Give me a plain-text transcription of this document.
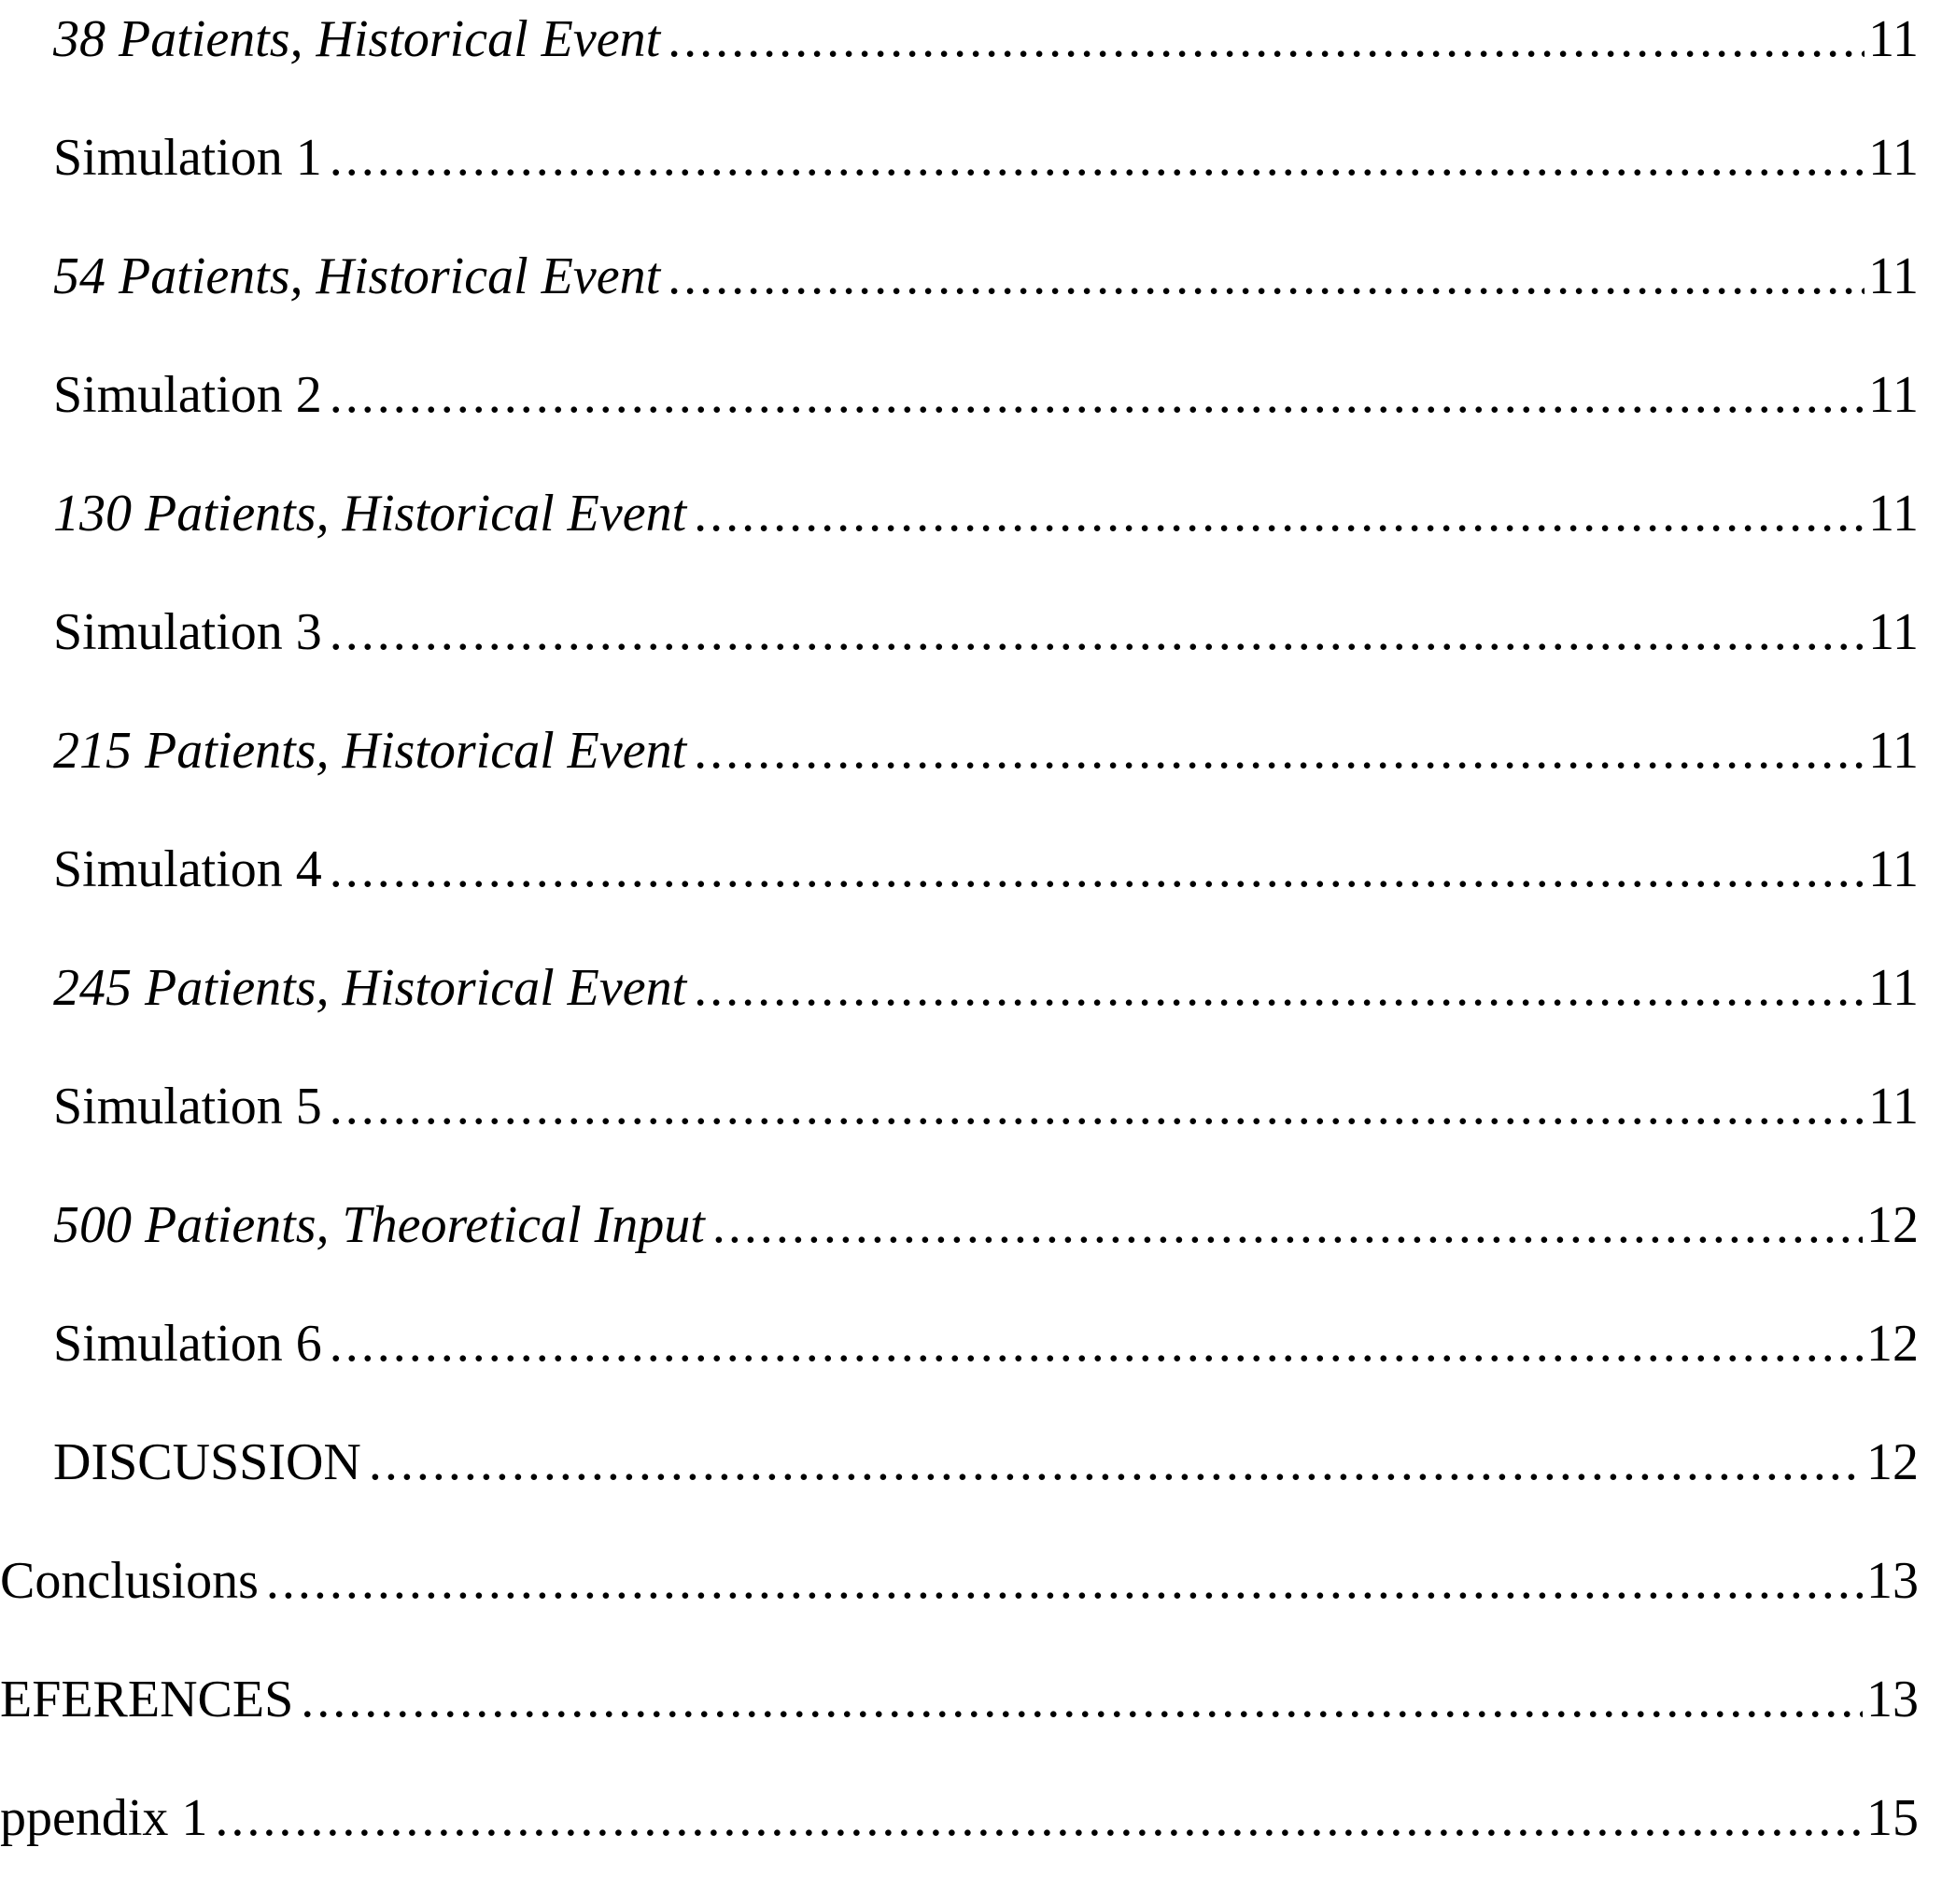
38 Patients, Historical Event .....	11
Simulation 1 .....	11
54 Patients, Historical Event .....	11
Simulation 2 .....	11
130 Patients, Historical Event .....	11
Simulation 3 .....	11
215 Patients, Historical Event .....	11
Simulation 4 .....	11
245 Patients, Historical Event .....	11
Simulation 5 .....	11
500 Patients, Theoretical Input .....	12
Simulation 6 .....	12
DISCUSSION .....	12
Conclusions .....	13
EFERENCES .....	13
ppendix 1 .....	15
